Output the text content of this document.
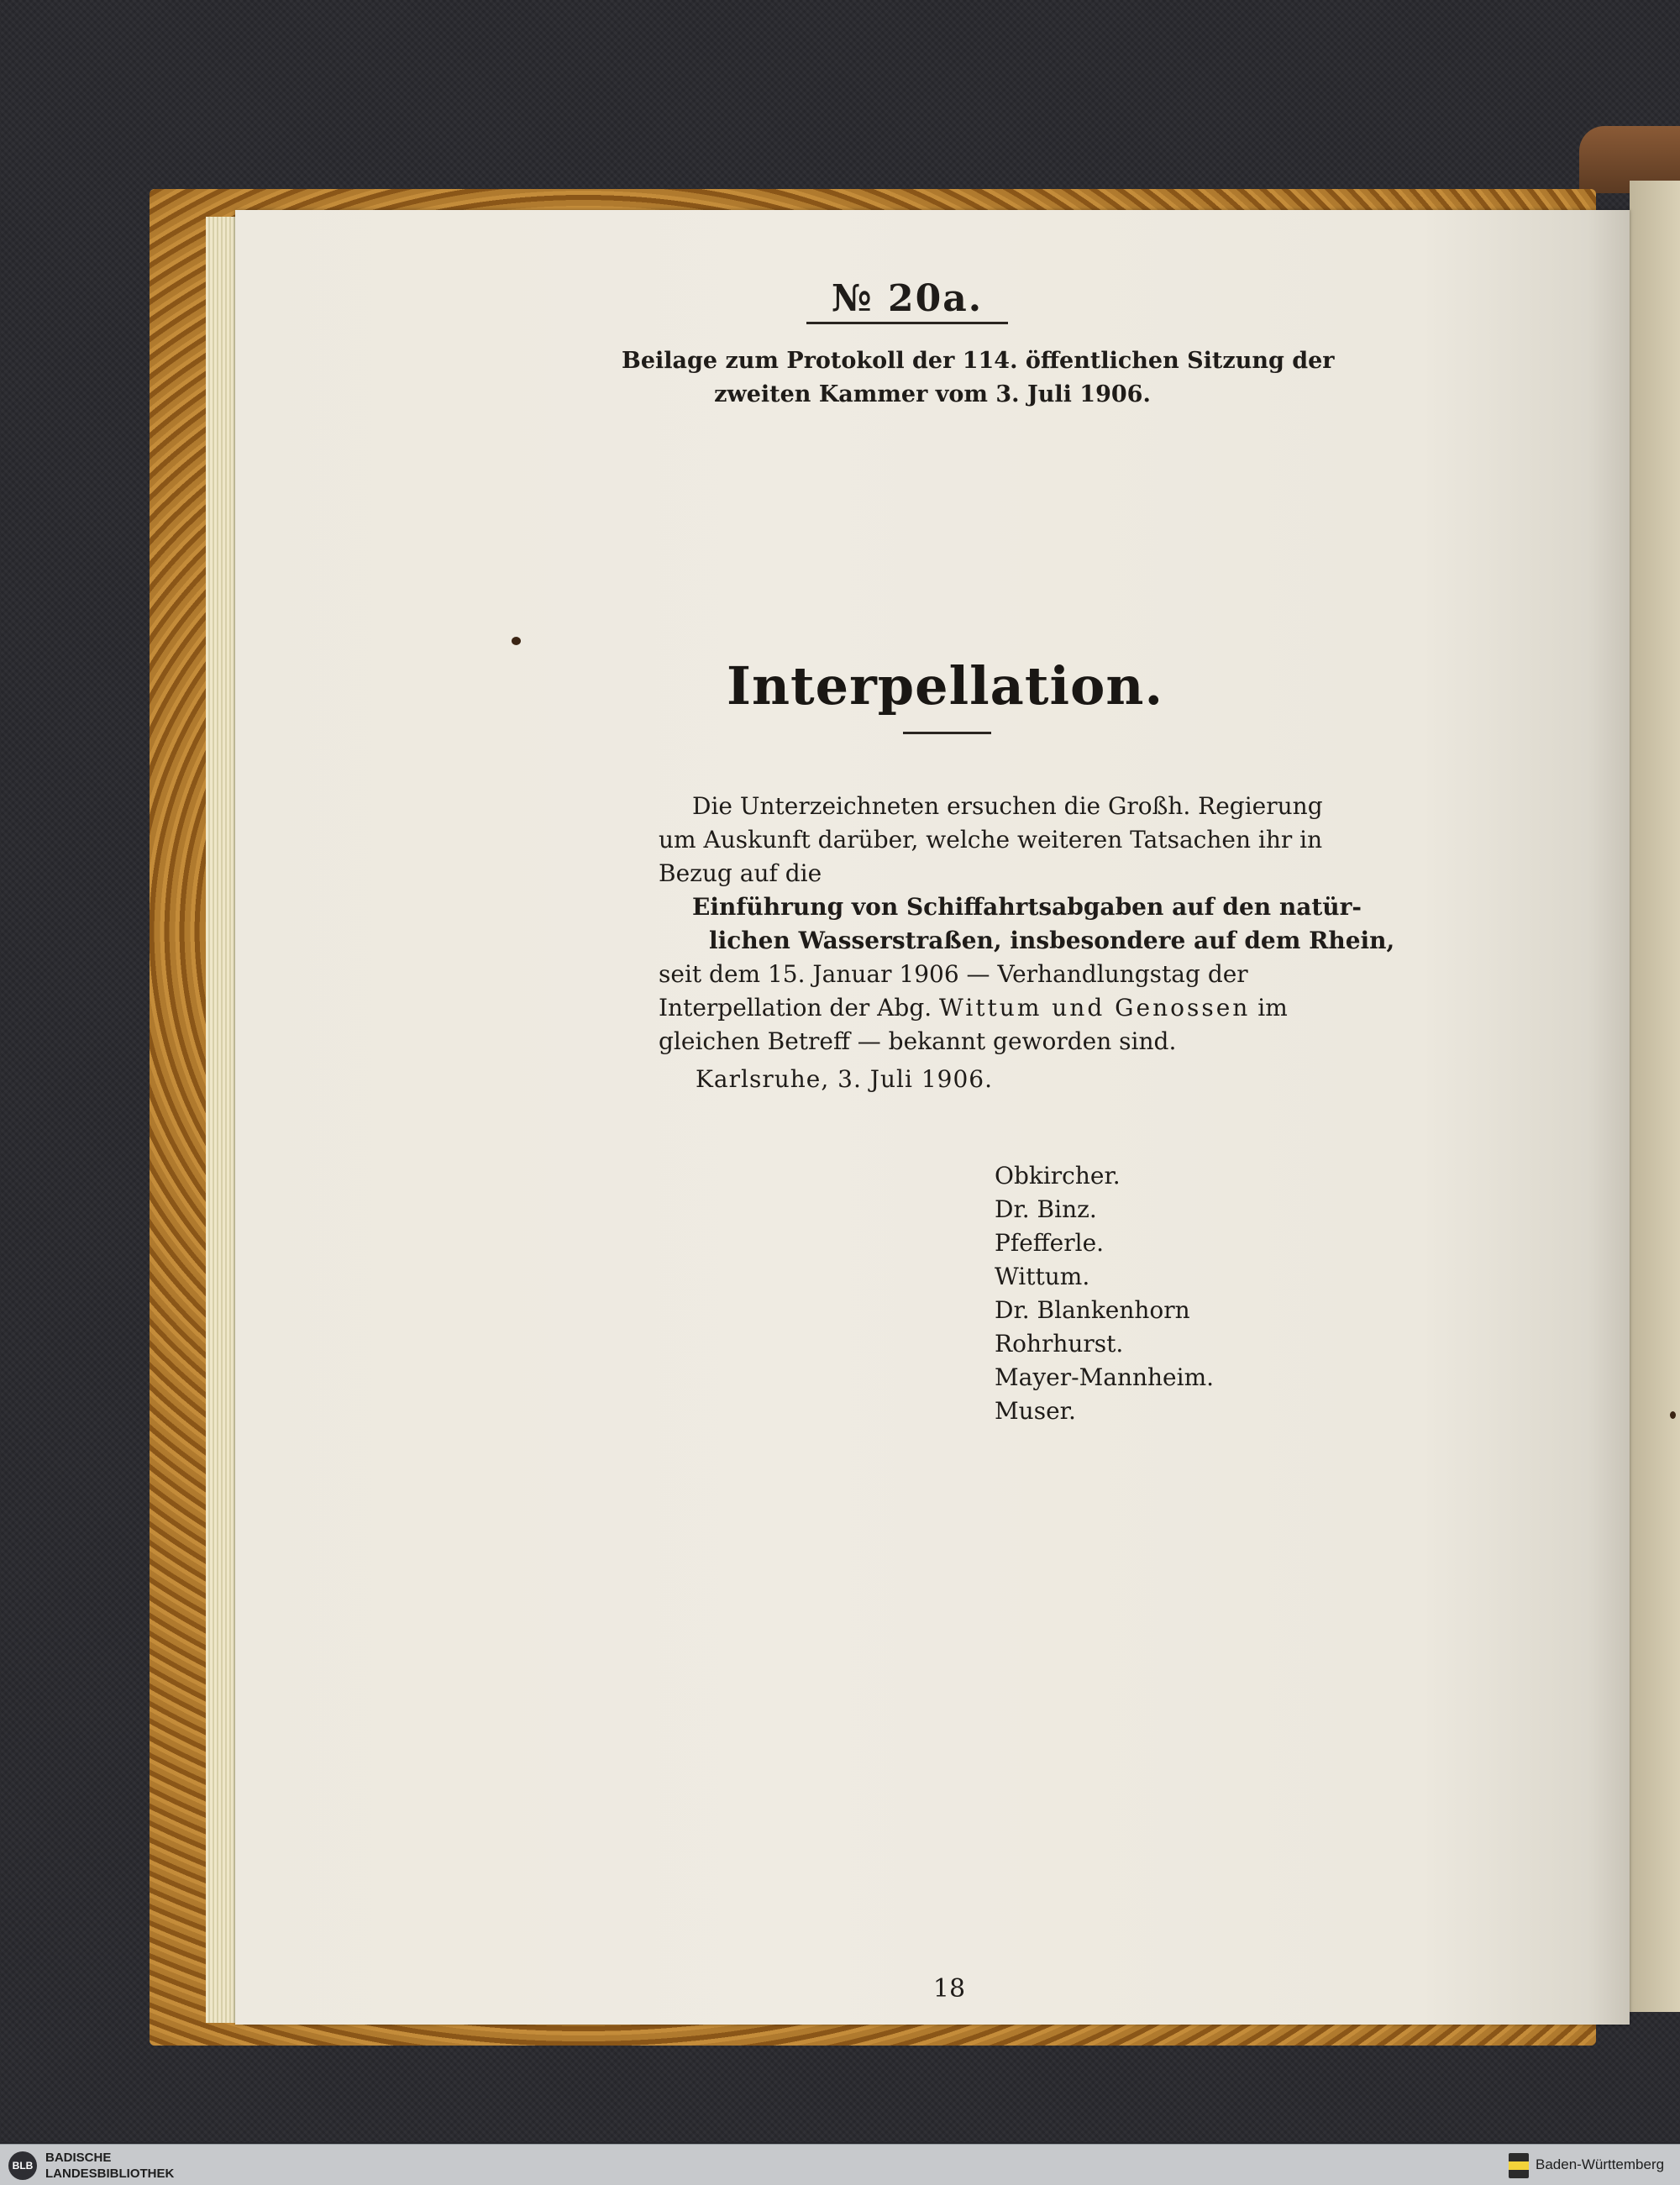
№ 20a.
Beilage zum Protokoll der 114. öffentlichen Sitzung der
zweiten Kammer vom 3. Juli 1906.
Interpellation.
Die Unterzeichneten ersuchen die Großh. Regierung
um Auskunft darüber, welche weiteren Tatsachen ihr in
Bezug auf die
Einführung von Schiffahrtsabgaben auf den natür-
lichen Wasserstraßen, insbesondere auf dem Rhein,
seit dem 15. Januar 1906 — Verhandlungstag der
Interpellation der Abg. Wittum und Genossen im
gleichen Betreff — bekannt geworden sind.
Karlsruhe, 3. Juli 1906.
Obkircher.
Dr. Binz.
Pfefferle.
Wittum.
Dr. Blankenhorn
Rohrhurst.
Mayer-Mannheim.
Muser.
18
BLB
BADISCHE
LANDESBIBLIOTHEK
Baden-Württemberg
